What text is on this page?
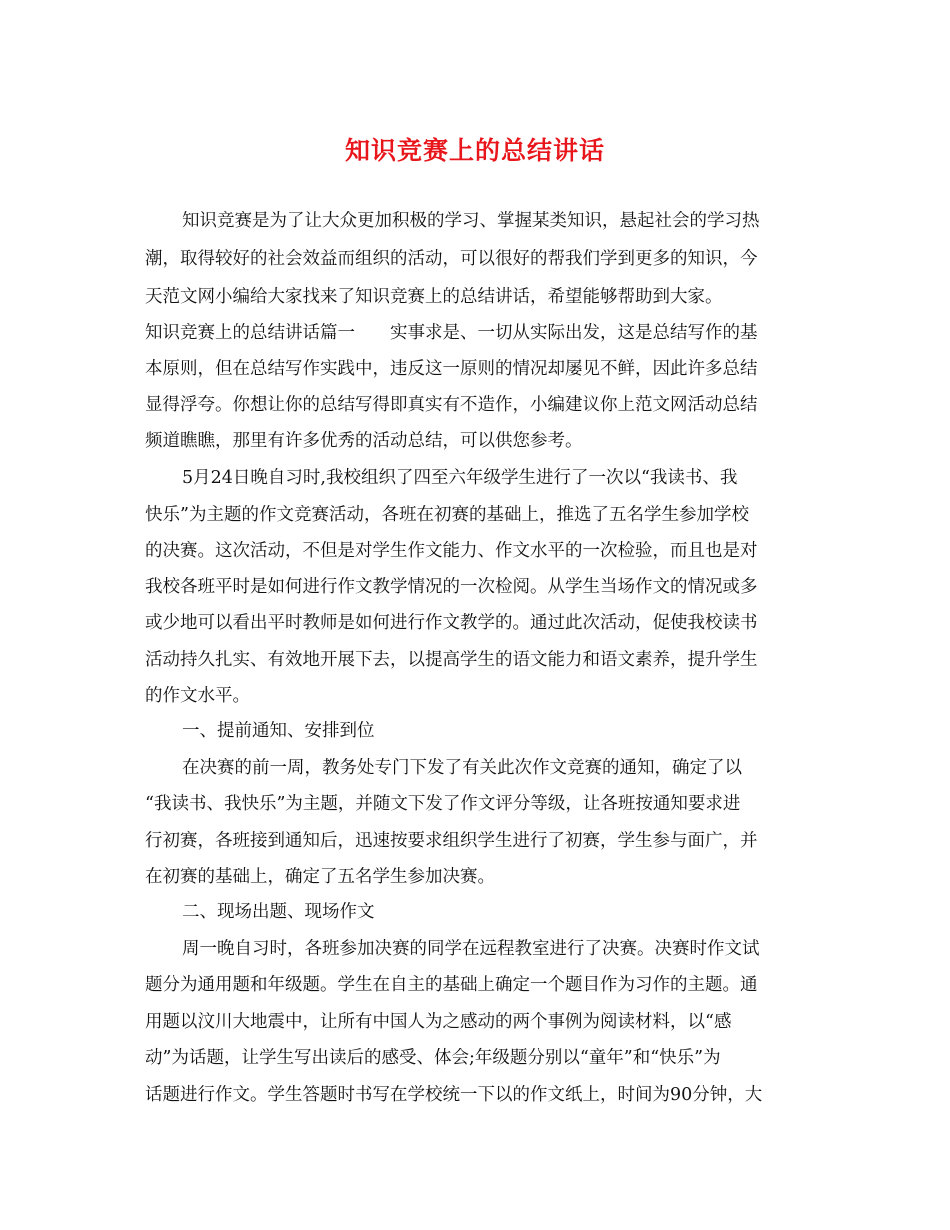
知识竞赛上的总结讲话
知识竞赛是为了让大众更加积极的学习、掌握某类知识，悬起社会的学习热
潮，取得较好的社会效益而组织的活动，可以很好的帮我们学到更多的知识，今
天范文网小编给大家找来了知识竞赛上的总结讲话，希望能够帮助到大家。
知识竞赛上的总结讲话篇一　　实事求是、一切从实际出发，这是总结写作的基
本原则，但在总结写作实践中，违反这一原则的情况却屡见不鲜，因此许多总结
显得浮夸。你想让你的总结写得即真实有不造作，小编建议你上范文网活动总结
频道瞧瞧，那里有许多优秀的活动总结，可以供您参考。
5月24日晚自习时,我校组织了四至六年级学生进行了一次以“我读书、我
快乐”为主题的作文竞赛活动，各班在初赛的基础上，推选了五名学生参加学校
的决赛。这次活动，不但是对学生作文能力、作文水平的一次检验，而且也是对
我校各班平时是如何进行作文教学情况的一次检阅。从学生当场作文的情况或多
或少地可以看出平时教师是如何进行作文教学的。通过此次活动，促使我校读书
活动持久扎实、有效地开展下去，以提高学生的语文能力和语文素养，提升学生
的作文水平。
一、提前通知、安排到位
在决赛的前一周，教务处专门下发了有关此次作文竞赛的通知，确定了以
“我读书、我快乐”为主题，并随文下发了作文评分等级，让各班按通知要求进
行初赛，各班接到通知后，迅速按要求组织学生进行了初赛，学生参与面广，并
在初赛的基础上，确定了五名学生参加决赛。
二、现场出题、现场作文
周一晚自习时，各班参加决赛的同学在远程教室进行了决赛。决赛时作文试
题分为通用题和年级题。学生在自主的基础上确定一个题目作为习作的主题。通
用题以汶川大地震中，让所有中国人为之感动的两个事例为阅读材料，以“感
动”为话题，让学生写出读后的感受、体会;年级题分别以“童年”和“快乐”为
话题进行作文。学生答题时书写在学校统一下以的作文纸上，时间为90分钟，大
